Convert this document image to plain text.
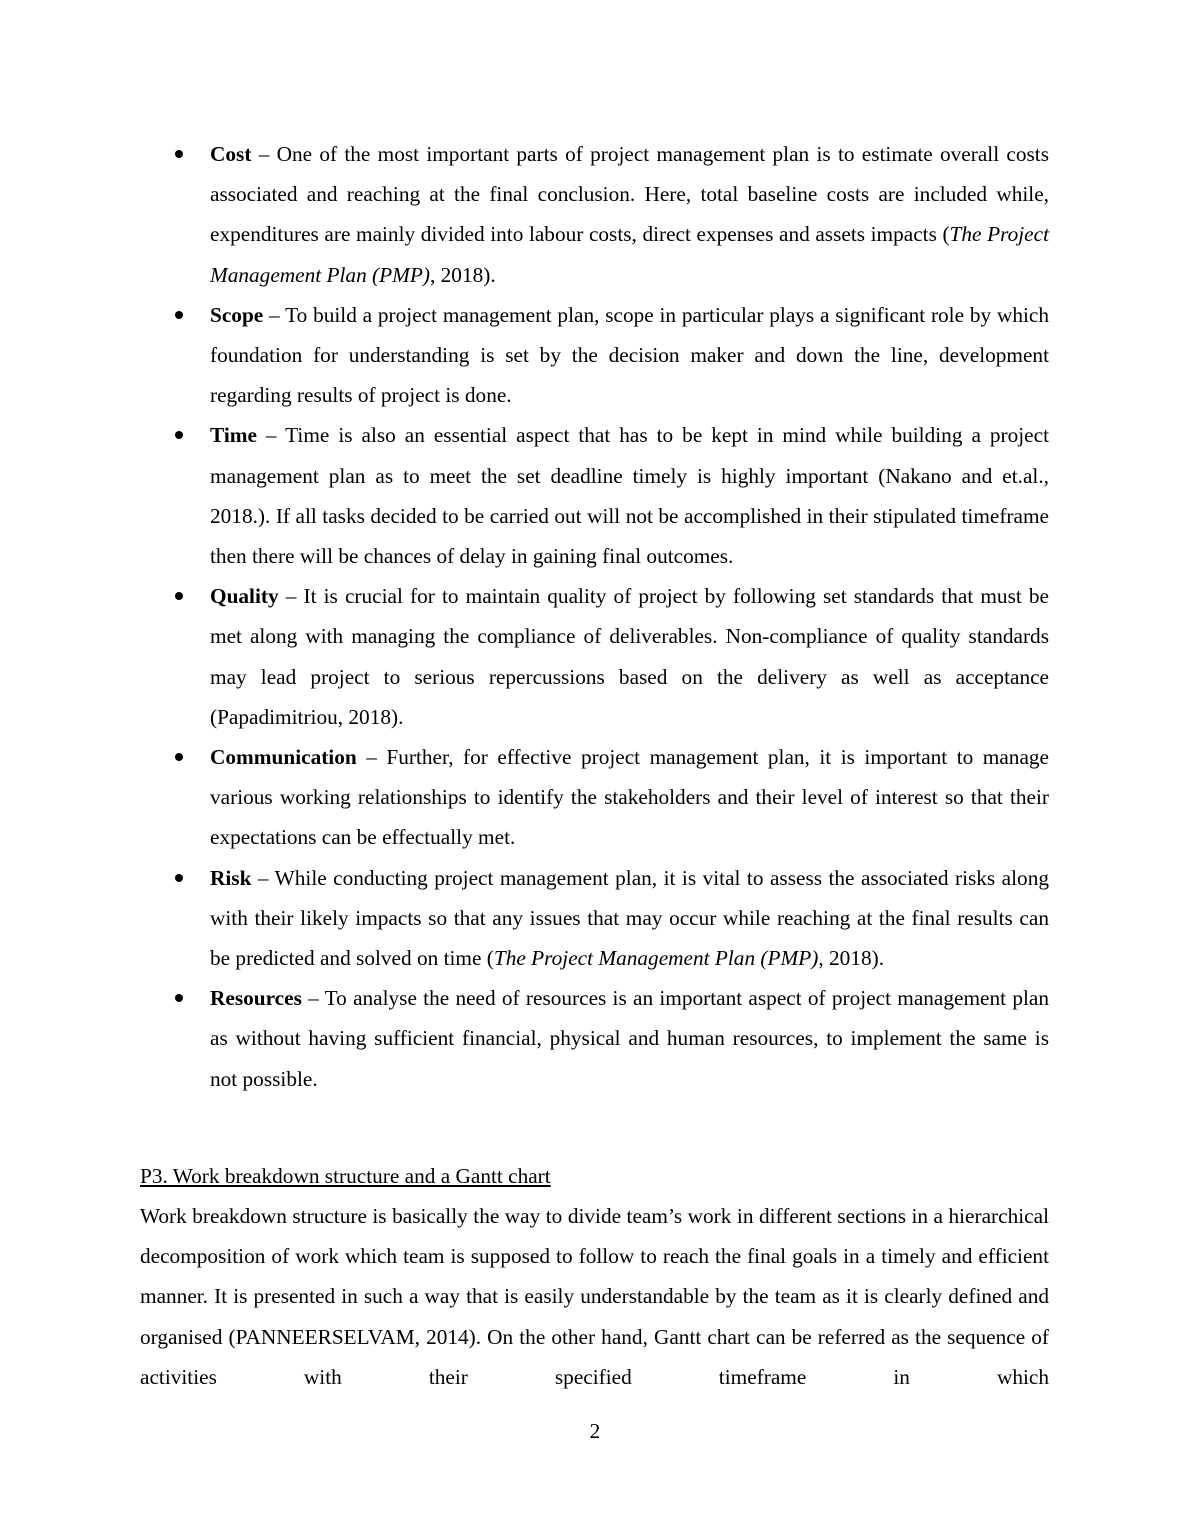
Cost – One of the most important parts of project management plan is to estimate overall costs associated and reaching at the final conclusion. Here, total baseline costs are included while, expenditures are mainly divided into labour costs, direct expenses and assets impacts (The Project Management Plan (PMP), 2018).
Scope – To build a project management plan, scope in particular plays a significant role by which foundation for understanding is set by the decision maker and down the line, development regarding results of project is done.
Time – Time is also an essential aspect that has to be kept in mind while building a project management plan as to meet the set deadline timely is highly important (Nakano and et.al., 2018.). If all tasks decided to be carried out will not be accomplished in their stipulated timeframe then there will be chances of delay in gaining final outcomes.
Quality – It is crucial for to maintain quality of project by following set standards that must be met along with managing the compliance of deliverables. Non-compliance of quality standards may lead project to serious repercussions based on the delivery as well as acceptance (Papadimitriou, 2018).
Communication – Further, for effective project management plan, it is important to manage various working relationships to identify the stakeholders and their level of interest so that their expectations can be effectually met.
Risk – While conducting project management plan, it is vital to assess the associated risks along with their likely impacts so that any issues that may occur while reaching at the final results can be predicted and solved on time (The Project Management Plan (PMP), 2018).
Resources – To analyse the need of resources is an important aspect of project management plan as without having sufficient financial, physical and human resources, to implement the same is not possible.
P3. Work breakdown structure and a Gantt chart

Work breakdown structure is basically the way to divide team’s work in different sections in a hierarchical decomposition of work which team is supposed to follow to reach the final goals in a timely and efficient manner. It is presented in such a way that is easily understandable by the team as it is clearly defined and organised (PANNEERSELVAM, 2014). On the other hand, Gantt chart can be referred as the sequence of activities with their specified timeframe in which

2
